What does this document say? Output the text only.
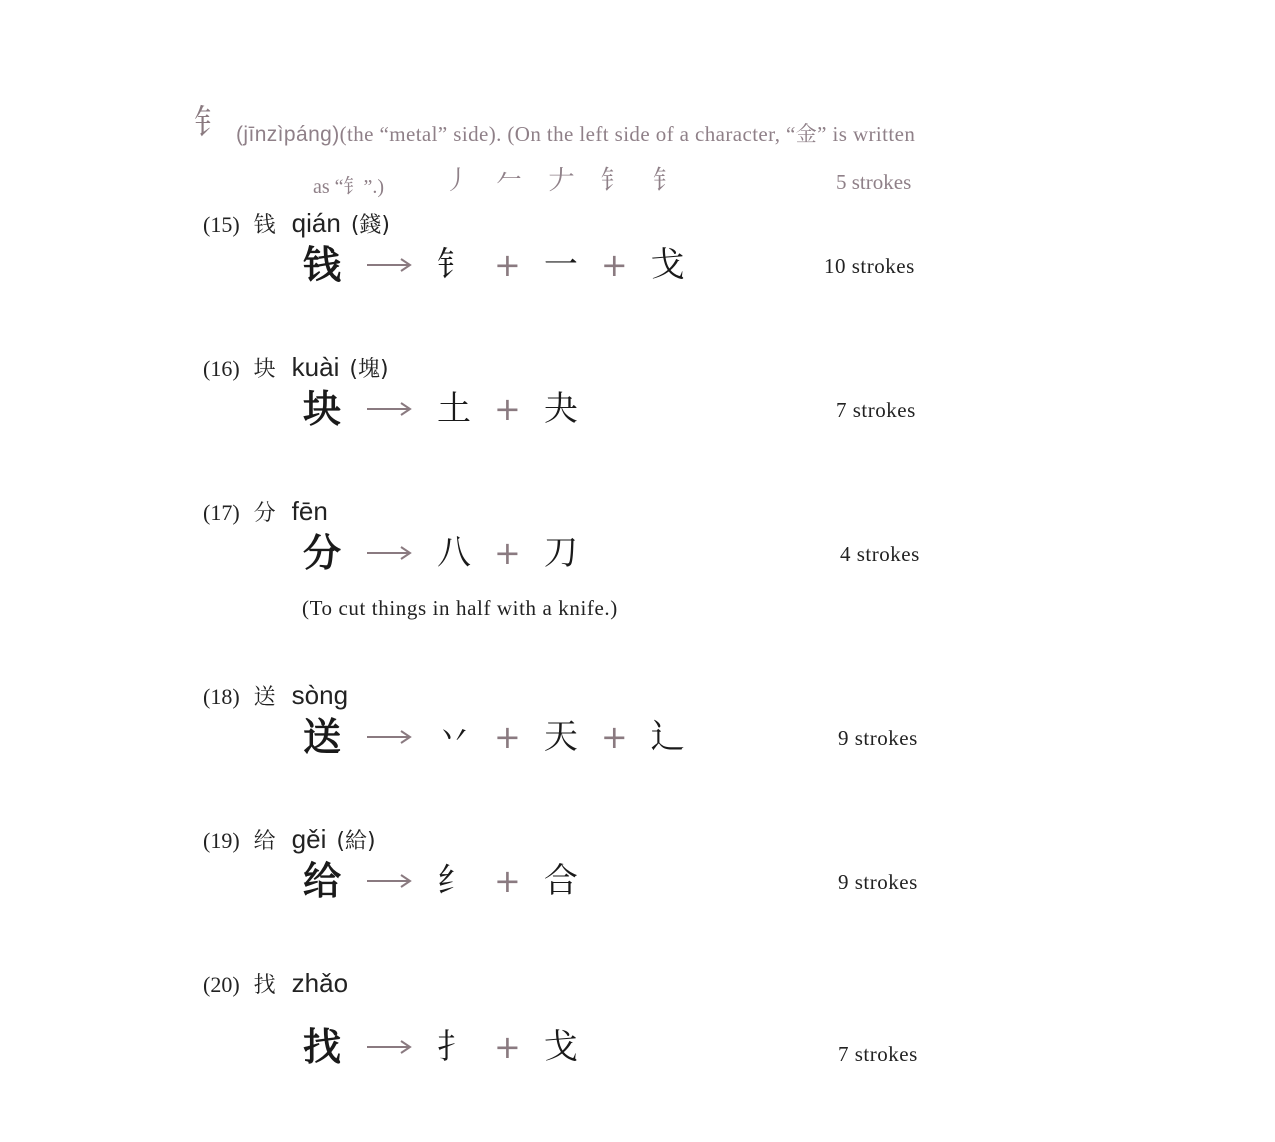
钅 (jīnzìpáng)(the “metal” side). (On the left side of a character, “金” is written
as “钅”.) 丿 𠂉 𠂇 钅 钅	5 strokes
(15) 钱 qián (錢)
钱	钅 + 一 + 戈	10 strokes
(16) 块 kuài (塊)
块	土 + 夬	7 strokes
(17) 分 fēn
分	八 + 刀	4 strokes
(To cut things in half with a knife.)
(18) 送 sòng
送	丷 + 天 + 辶	9 strokes
(19) 给 gěi (給)
给	纟 + 合	9 strokes
(20) 找 zhǎo
找	扌 + 戈	7 strokes
